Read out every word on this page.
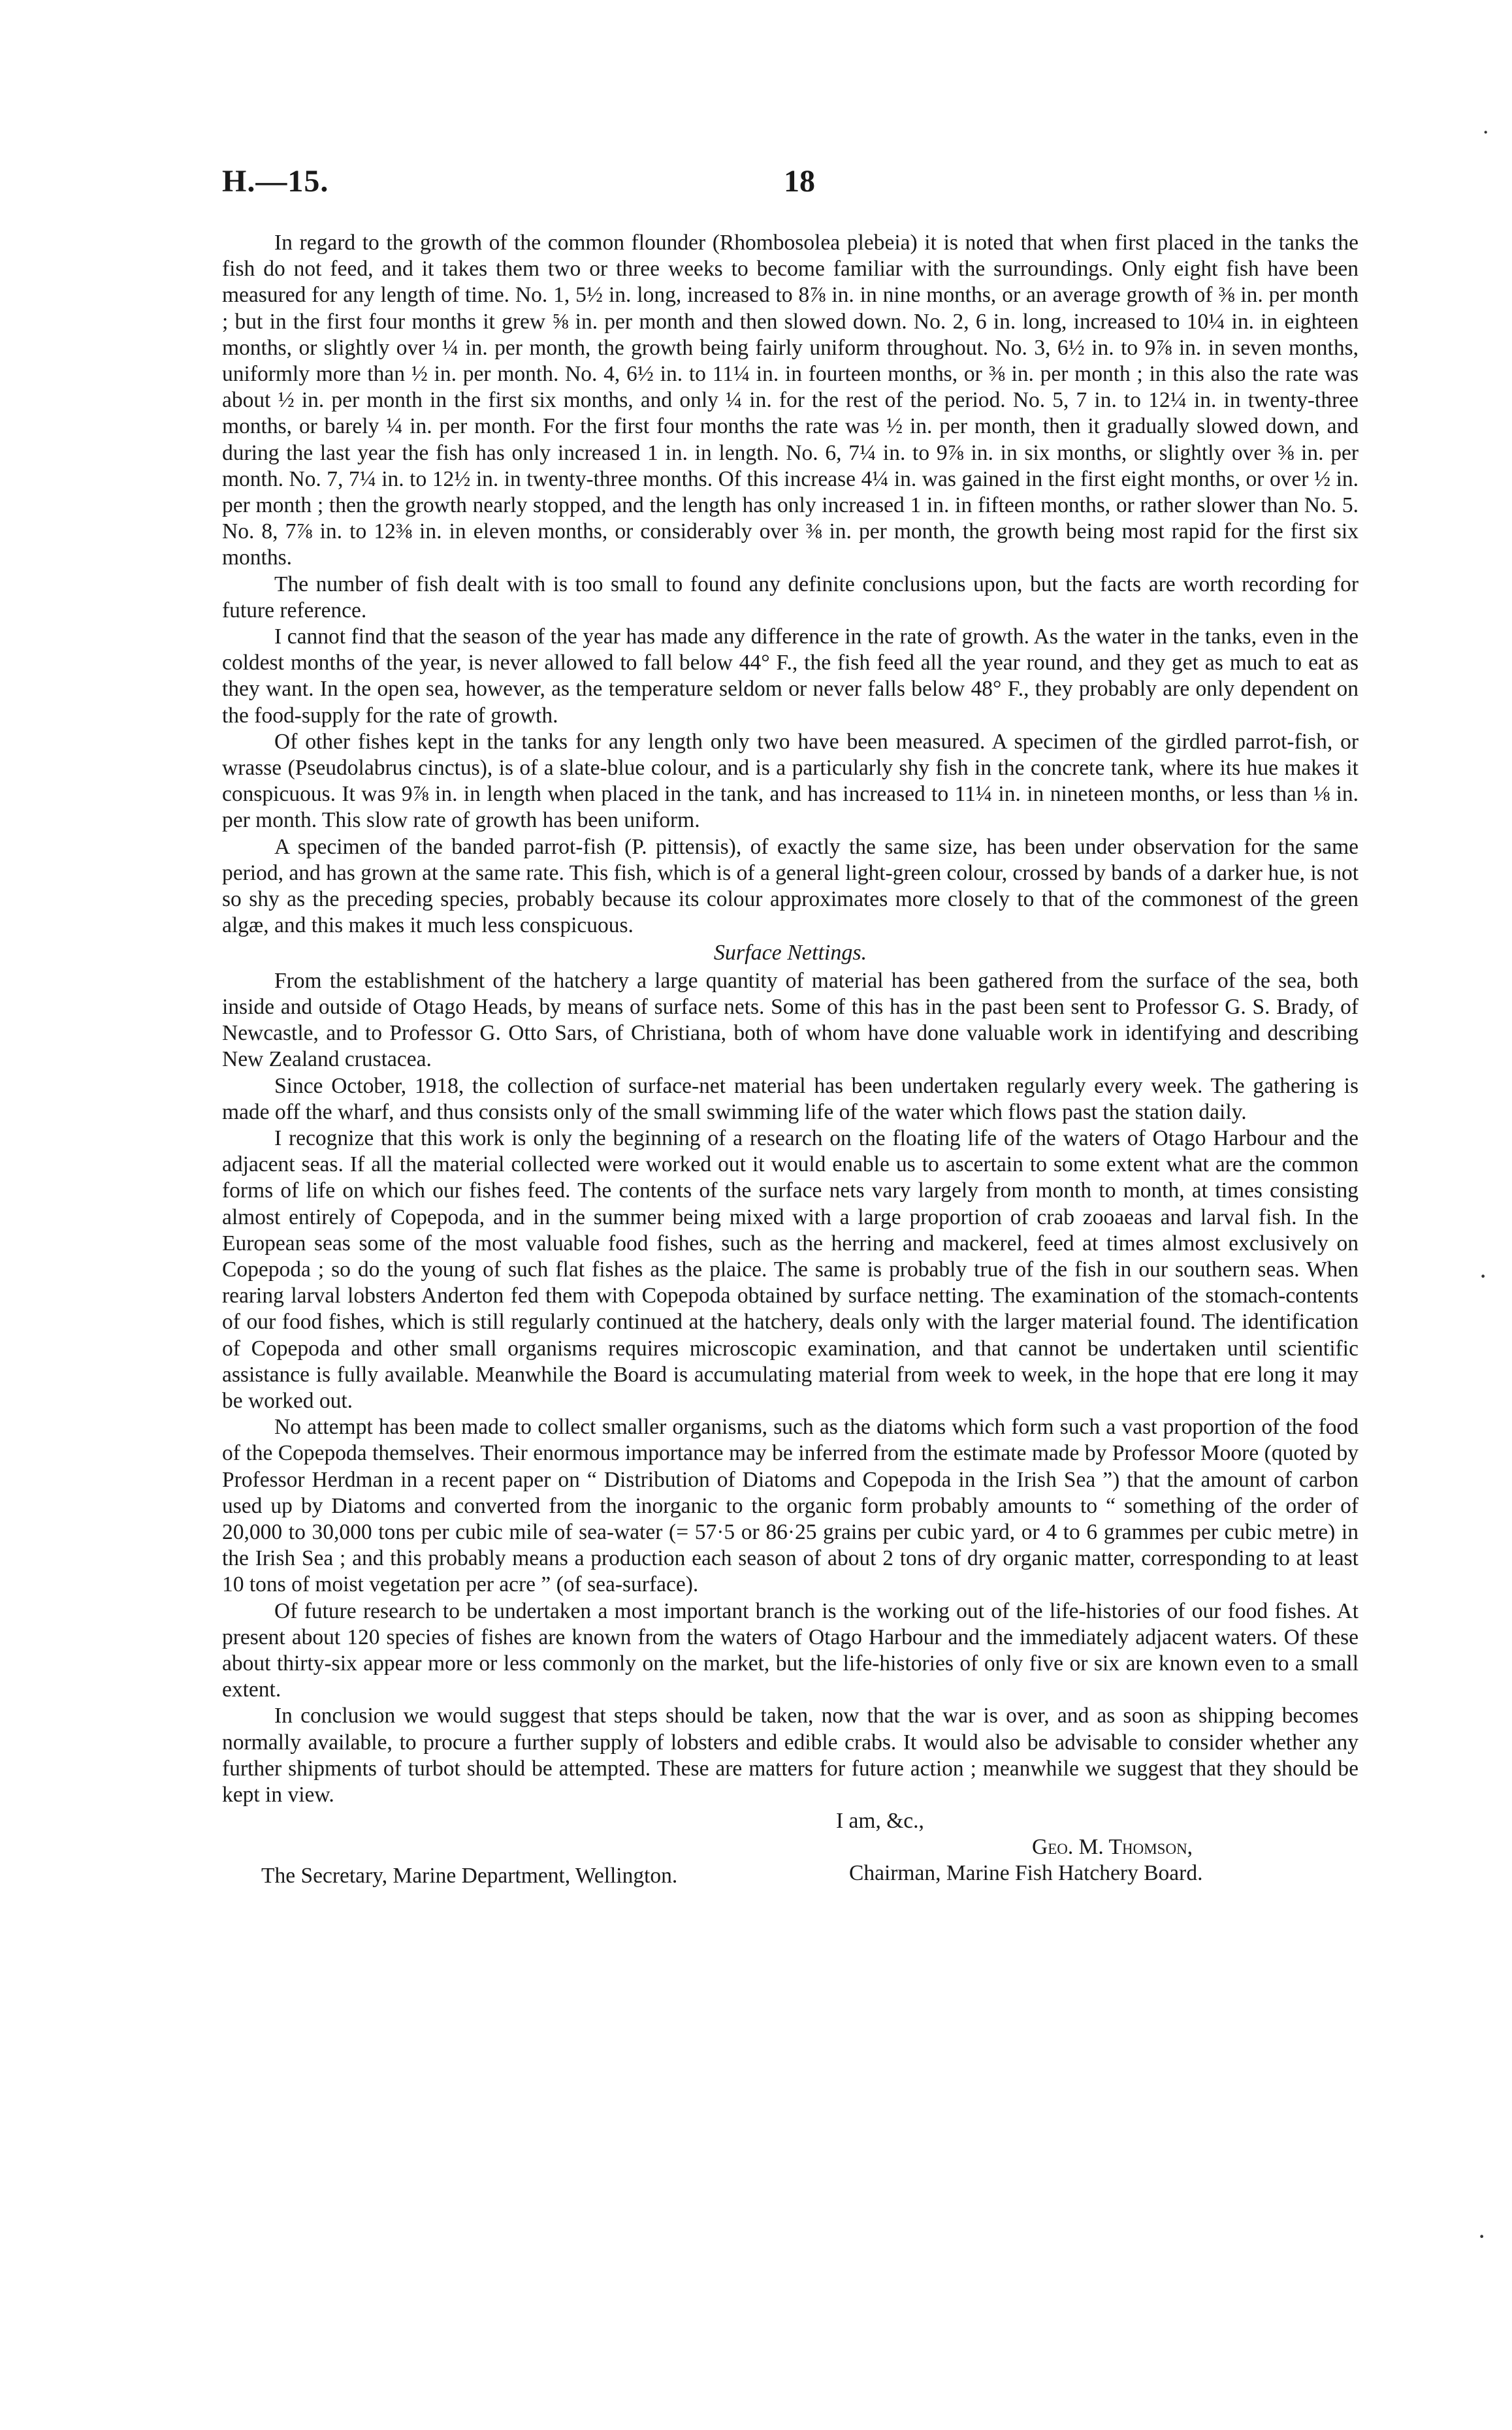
H.—15.	18

In regard to the growth of the common flounder (Rhombosolea plebeia) it is noted that when first placed in the tanks the fish do not feed, and it takes them two or three weeks to become familiar with the surroundings. Only eight fish have been measured for any length of time. No. 1, 5½ in. long, increased to 8⅞ in. in nine months, or an average growth of ⅜ in. per month ; but in the first four months it grew ⅝ in. per month and then slowed down. No. 2, 6 in. long, increased to 10¼ in. in eighteen months, or slightly over ¼ in. per month, the growth being fairly uniform throughout. No. 3, 6½ in. to 9⅞ in. in seven months, uniformly more than ½ in. per month. No. 4, 6½ in. to 11¼ in. in fourteen months, or ⅜ in. per month ; in this also the rate was about ½ in. per month in the first six months, and only ¼ in. for the rest of the period. No. 5, 7 in. to 12¼ in. in twenty-three months, or barely ¼ in. per month. For the first four months the rate was ½ in. per month, then it gradually slowed down, and during the last year the fish has only increased 1 in. in length. No. 6, 7¼ in. to 9⅞ in. in six months, or slightly over ⅜ in. per month. No. 7, 7¼ in. to 12½ in. in twenty-three months. Of this increase 4¼ in. was gained in the first eight months, or over ½ in. per month ; then the growth nearly stopped, and the length has only increased 1 in. in fifteen months, or rather slower than No. 5. No. 8, 7⅞ in. to 12⅜ in. in eleven months, or considerably over ⅜ in. per month, the growth being most rapid for the first six months.

The number of fish dealt with is too small to found any definite conclusions upon, but the facts are worth recording for future reference.

I cannot find that the season of the year has made any difference in the rate of growth. As the water in the tanks, even in the coldest months of the year, is never allowed to fall below 44° F., the fish feed all the year round, and they get as much to eat as they want. In the open sea, however, as the temperature seldom or never falls below 48° F., they probably are only dependent on the food-supply for the rate of growth.

Of other fishes kept in the tanks for any length only two have been measured. A specimen of the girdled parrot-fish, or wrasse (Pseudolabrus cinctus), is of a slate-blue colour, and is a particularly shy fish in the concrete tank, where its hue makes it conspicuous. It was 9⅞ in. in length when placed in the tank, and has increased to 11¼ in. in nineteen months, or less than ⅛ in. per month. This slow rate of growth has been uniform.

A specimen of the banded parrot-fish (P. pittensis), of exactly the same size, has been under observation for the same period, and has grown at the same rate. This fish, which is of a general light-green colour, crossed by bands of a darker hue, is not so shy as the preceding species, probably because its colour approximates more closely to that of the commonest of the green algæ, and this makes it much less conspicuous.

Surface Nettings.

From the establishment of the hatchery a large quantity of material has been gathered from the surface of the sea, both inside and outside of Otago Heads, by means of surface nets. Some of this has in the past been sent to Professor G. S. Brady, of Newcastle, and to Professor G. Otto Sars, of Christiana, both of whom have done valuable work in identifying and describing New Zealand crustacea.

Since October, 1918, the collection of surface-net material has been undertaken regularly every week. The gathering is made off the wharf, and thus consists only of the small swimming life of the water which flows past the station daily.

I recognize that this work is only the beginning of a research on the floating life of the waters of Otago Harbour and the adjacent seas. If all the material collected were worked out it would enable us to ascertain to some extent what are the common forms of life on which our fishes feed. The contents of the surface nets vary largely from month to month, at times consisting almost entirely of Copepoda, and in the summer being mixed with a large proportion of crab zooaeas and larval fish. In the European seas some of the most valuable food fishes, such as the herring and mackerel, feed at times almost exclusively on Copepoda ; so do the young of such flat fishes as the plaice. The same is probably true of the fish in our southern seas. When rearing larval lobsters Anderton fed them with Copepoda obtained by surface netting. The examination of the stomach-contents of our food fishes, which is still regularly continued at the hatchery, deals only with the larger material found. The identification of Copepoda and other small organisms requires microscopic examination, and that cannot be undertaken until scientific assistance is fully available. Meanwhile the Board is accumulating material from week to week, in the hope that ere long it may be worked out.

No attempt has been made to collect smaller organisms, such as the diatoms which form such a vast proportion of the food of the Copepoda themselves. Their enormous importance may be inferred from the estimate made by Professor Moore (quoted by Professor Herdman in a recent paper on “ Distribution of Diatoms and Copepoda in the Irish Sea ”) that the amount of carbon used up by Diatoms and converted from the inorganic to the organic form probably amounts to “ something of the order of 20,000 to 30,000 tons per cubic mile of sea-water (= 57·5 or 86·25 grains per cubic yard, or 4 to 6 grammes per cubic metre) in the Irish Sea ; and this probably means a production each season of about 2 tons of dry organic matter, corresponding to at least 10 tons of moist vegetation per acre ” (of sea-surface).

Of future research to be undertaken a most important branch is the working out of the life-histories of our food fishes. At present about 120 species of fishes are known from the waters of Otago Harbour and the immediately adjacent waters. Of these about thirty-six appear more or less commonly on the market, but the life-histories of only five or six are known even to a small extent.

In conclusion we would suggest that steps should be taken, now that the war is over, and as soon as shipping becomes normally available, to procure a further supply of lobsters and edible crabs. It would also be advisable to consider whether any further shipments of turbot should be attempted. These are matters for future action ; meanwhile we suggest that they should be kept in view.

I am, &c.,
Geo. M. Thomson,
The Secretary, Marine Department, Wellington.	Chairman, Marine Fish Hatchery Board.
˙
·
·
